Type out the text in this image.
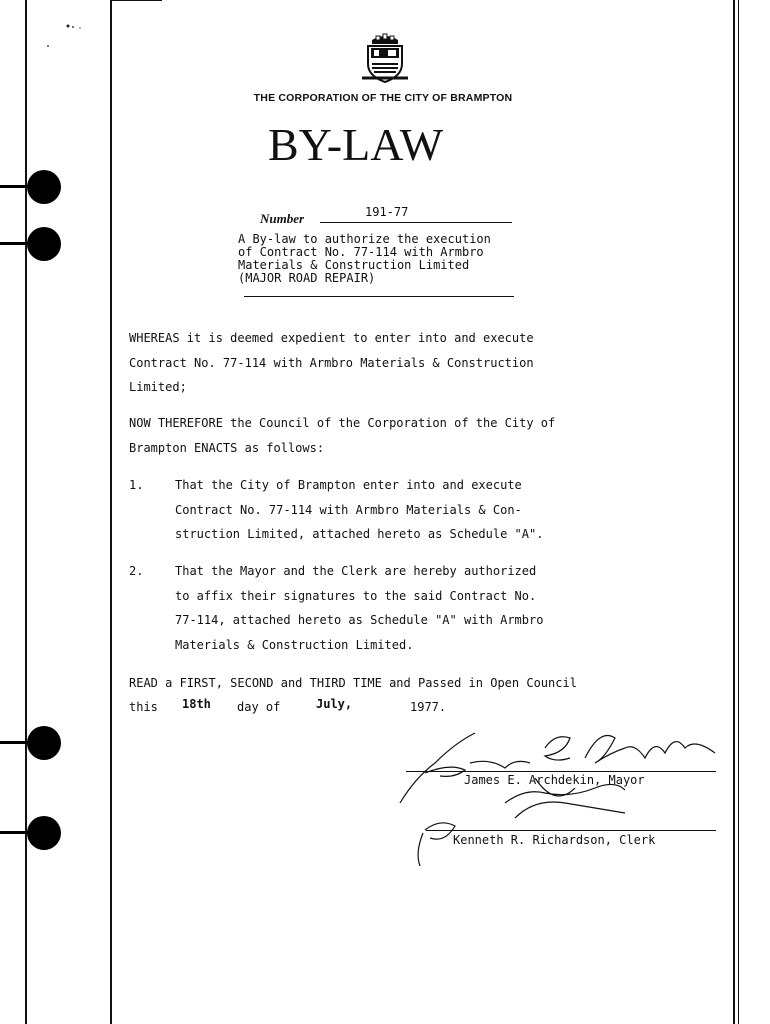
THE CORPORATION OF THE CITY OF BRAMPTON
BY-LAW
Number	191-77
A By-law to authorize the execution
of Contract No. 77-114 with Armbro
Materials & Construction Limited
(MAJOR ROAD REPAIR)
WHEREAS it is deemed expedient to enter into and execute
Contract No. 77-114 with Armbro Materials & Construction
Limited;
NOW THEREFORE the Council of the Corporation of the City of
Brampton ENACTS as follows:
1.	That the City of Brampton enter into and execute
Contract No. 77-114 with Armbro Materials & Con-
struction Limited, attached hereto as Schedule "A".
2.	That the Mayor and the Clerk are hereby authorized
to affix their signatures to the said Contract No.
77-114, attached hereto as Schedule "A" with Armbro
Materials & Construction Limited.
READ a FIRST, SECOND and THIRD TIME and Passed in Open Council
this 18th day of	July,	1977.
James E. Archdekin, Mayor
Kenneth R. Richardson, Clerk
